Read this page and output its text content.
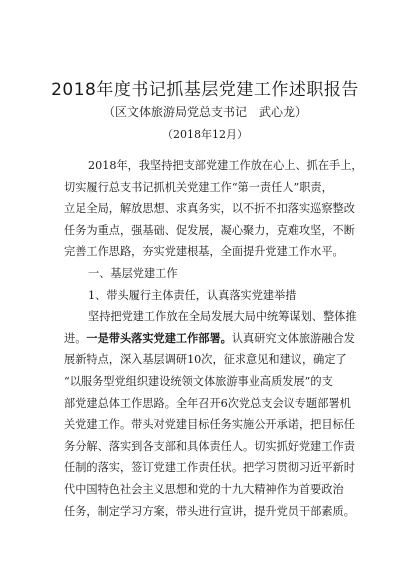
2018年度书记抓基层党建工作述职报告
（区文体旅游局党总支书记　武心龙）
（2018年12月）
2018年，我坚持把支部党建工作放在心上、抓在手上，
切实履行总支书记抓机关党建工作“第一责任人”职责，
立足全局，解放思想、求真务实，以不折不扣落实巡察整改
任务为重点，强基础、促发展，凝心聚力，克难攻坚，不断
完善工作思路，夯实党建根基，全面提升党建工作水平。
一、基层党建工作
1、带头履行主体责任，认真落实党建举措
坚持把党建工作放在全局发展大局中统筹谋划、整体推
进。一是带头落实党建工作部署。认真研究文体旅游融合发
展新特点，深入基层调研10次，征求意见和建议，确定了
“以服务型党组织建设统领文体旅游事业高质发展”的支
部党建总体工作思路。全年召开6次党总支会议专题部署机
关党建工作。带头对党建目标任务实施公开承诺，把目标任
务分解、落实到各支部和具体责任人。切实抓好党建工作责
任制的落实，签订党建工作责任状。把学习贯彻习近平新时
代中国特色社会主义思想和党的十九大精神作为首要政治
任务，制定学习方案，带头进行宣讲，提升党员干部素质。
